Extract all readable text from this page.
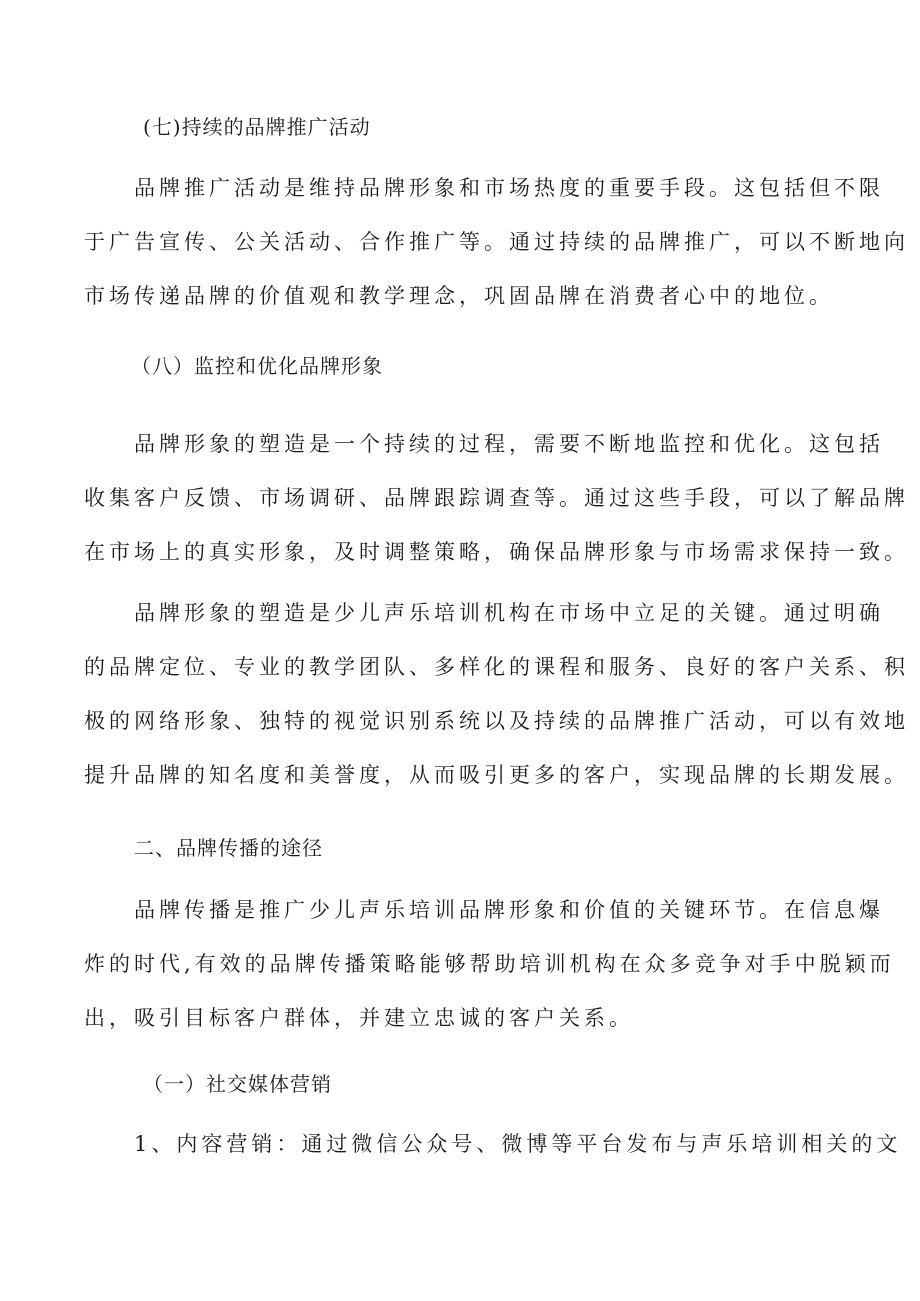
(七)持续的品牌推广活动
品牌推广活动是维持品牌形象和市场热度的重要手段。这包括但不限
于广告宣传、公关活动、合作推广等。通过持续的品牌推广，可以不断地向
市场传递品牌的价值观和教学理念，巩固品牌在消费者心中的地位。
（八）监控和优化品牌形象
品牌形象的塑造是一个持续的过程，需要不断地监控和优化。这包括
收集客户反馈、市场调研、品牌跟踪调查等。通过这些手段，可以了解品牌
在市场上的真实形象，及时调整策略，确保品牌形象与市场需求保持一致。
品牌形象的塑造是少儿声乐培训机构在市场中立足的关键。通过明确
的品牌定位、专业的教学团队、多样化的课程和服务、良好的客户关系、积
极的网络形象、独特的视觉识别系统以及持续的品牌推广活动，可以有效地
提升品牌的知名度和美誉度，从而吸引更多的客户，实现品牌的长期发展。
二、品牌传播的途径
品牌传播是推广少儿声乐培训品牌形象和价值的关键环节。在信息爆
炸的时代,有效的品牌传播策略能够帮助培训机构在众多竞争对手中脱颖而
出，吸引目标客户群体，并建立忠诚的客户关系。
（一）社交媒体营销
1、内容营销：通过微信公众号、微博等平台发布与声乐培训相关的文
